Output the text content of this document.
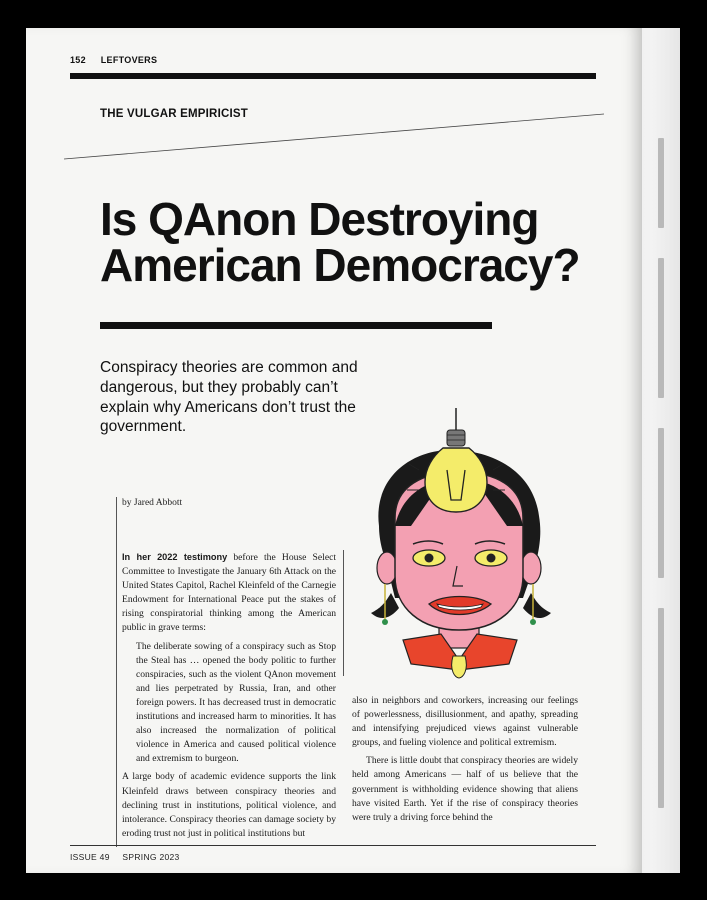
152 LEFTOVERS
THE VULGAR EMPIRICIST
Is QAnon Destroying
American Democracy?

Conspiracy theories are common and dangerous, but they probably can’t explain why Americans don’t trust the government.

by Jared Abbott

In her 2022 testimony before the House Select Committee to Investigate the January 6th Attack on the United States Capitol, Rachel Kleinfeld of the Carnegie Endowment for International Peace put the stakes of rising conspiratorial thinking among the American public in grave terms:

The deliberate sowing of a conspiracy such as Stop the Steal has … opened the body politic to further conspiracies, such as the violent QAnon movement and lies perpetrated by Russia, Iran, and other foreign powers. It has decreased trust in democratic institutions and increased harm to minorities. It has also increased the normalization of political violence in America and caused political violence and extremism to burgeon.

A large body of academic evidence supports the link Kleinfeld draws between conspiracy theories and declining trust in institutions, political violence, and intolerance. Conspiracy theories can damage society by eroding trust not just in political institutions but

also in neighbors and coworkers, increasing our feelings of powerlessness, disillusionment, and apathy, spreading and intensifying prejudiced views against vulnerable groups, and fueling violence and political extremism.

There is little doubt that conspiracy theories are widely held among Americans — half of us believe that the government is withholding evidence showing that aliens have visited Earth. Yet if the rise of conspiracy theories were truly a driving force behind the

ISSUE 49 SPRING 2023
